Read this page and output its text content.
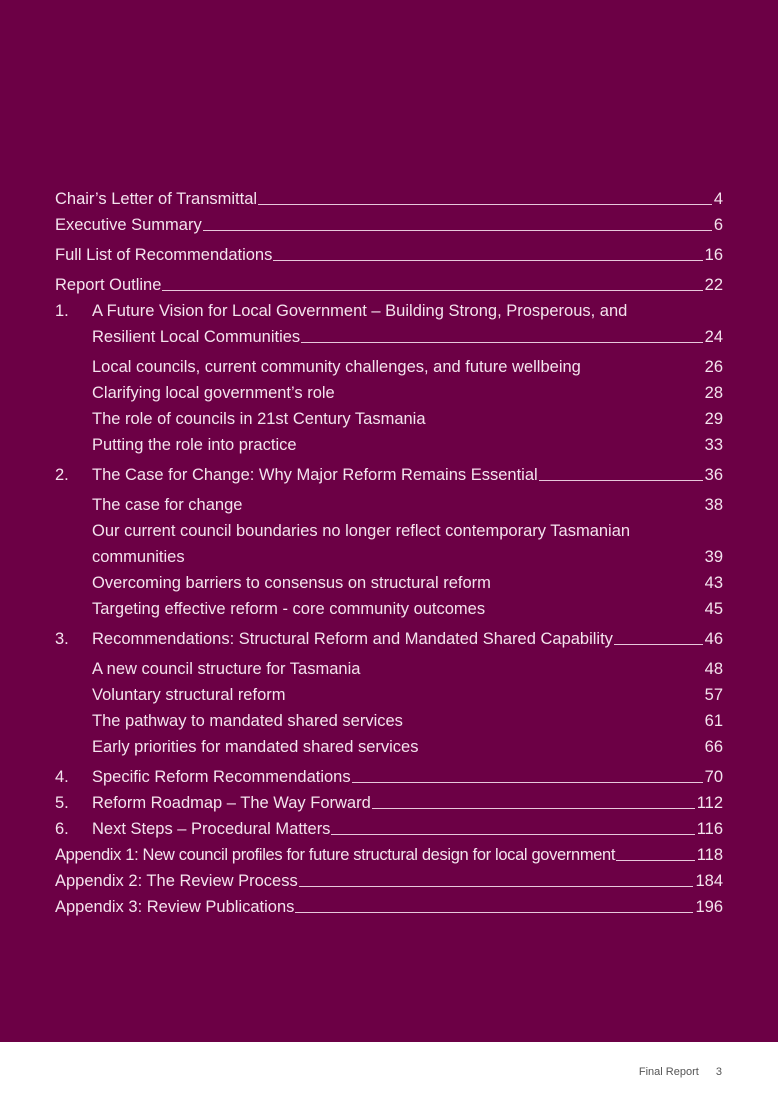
Chair’s Letter of Transmittal	4
Executive Summary	6
Full List of Recommendations	16
Report Outline	22
1.	A Future Vision for Local Government – Building Strong, Prosperous, and
Resilient Local Communities	24
Local councils, current community challenges, and future wellbeing	26
Clarifying local government’s role	28
The role of councils in 21st Century Tasmania	29
Putting the role into practice	33
2.	The Case for Change: Why Major Reform Remains Essential	36
The case for change	38
Our current council boundaries no longer reflect contemporary Tasmanian
communities	39
Overcoming barriers to consensus on structural reform	43
Targeting effective reform - core community outcomes	45
3.	Recommendations: Structural Reform and Mandated Shared Capability	46
A new council structure for Tasmania	48
Voluntary structural reform	57
The pathway to mandated shared services	61
Early priorities for mandated shared services	66
4.	Specific Reform Recommendations	70
5.	Reform Roadmap – The Way Forward	112
6.	Next Steps – Procedural Matters	116
Appendix 1: New council profiles for future structural design for local government	118
Appendix 2: The Review Process	184
Appendix 3: Review Publications	196
Final Report 3
